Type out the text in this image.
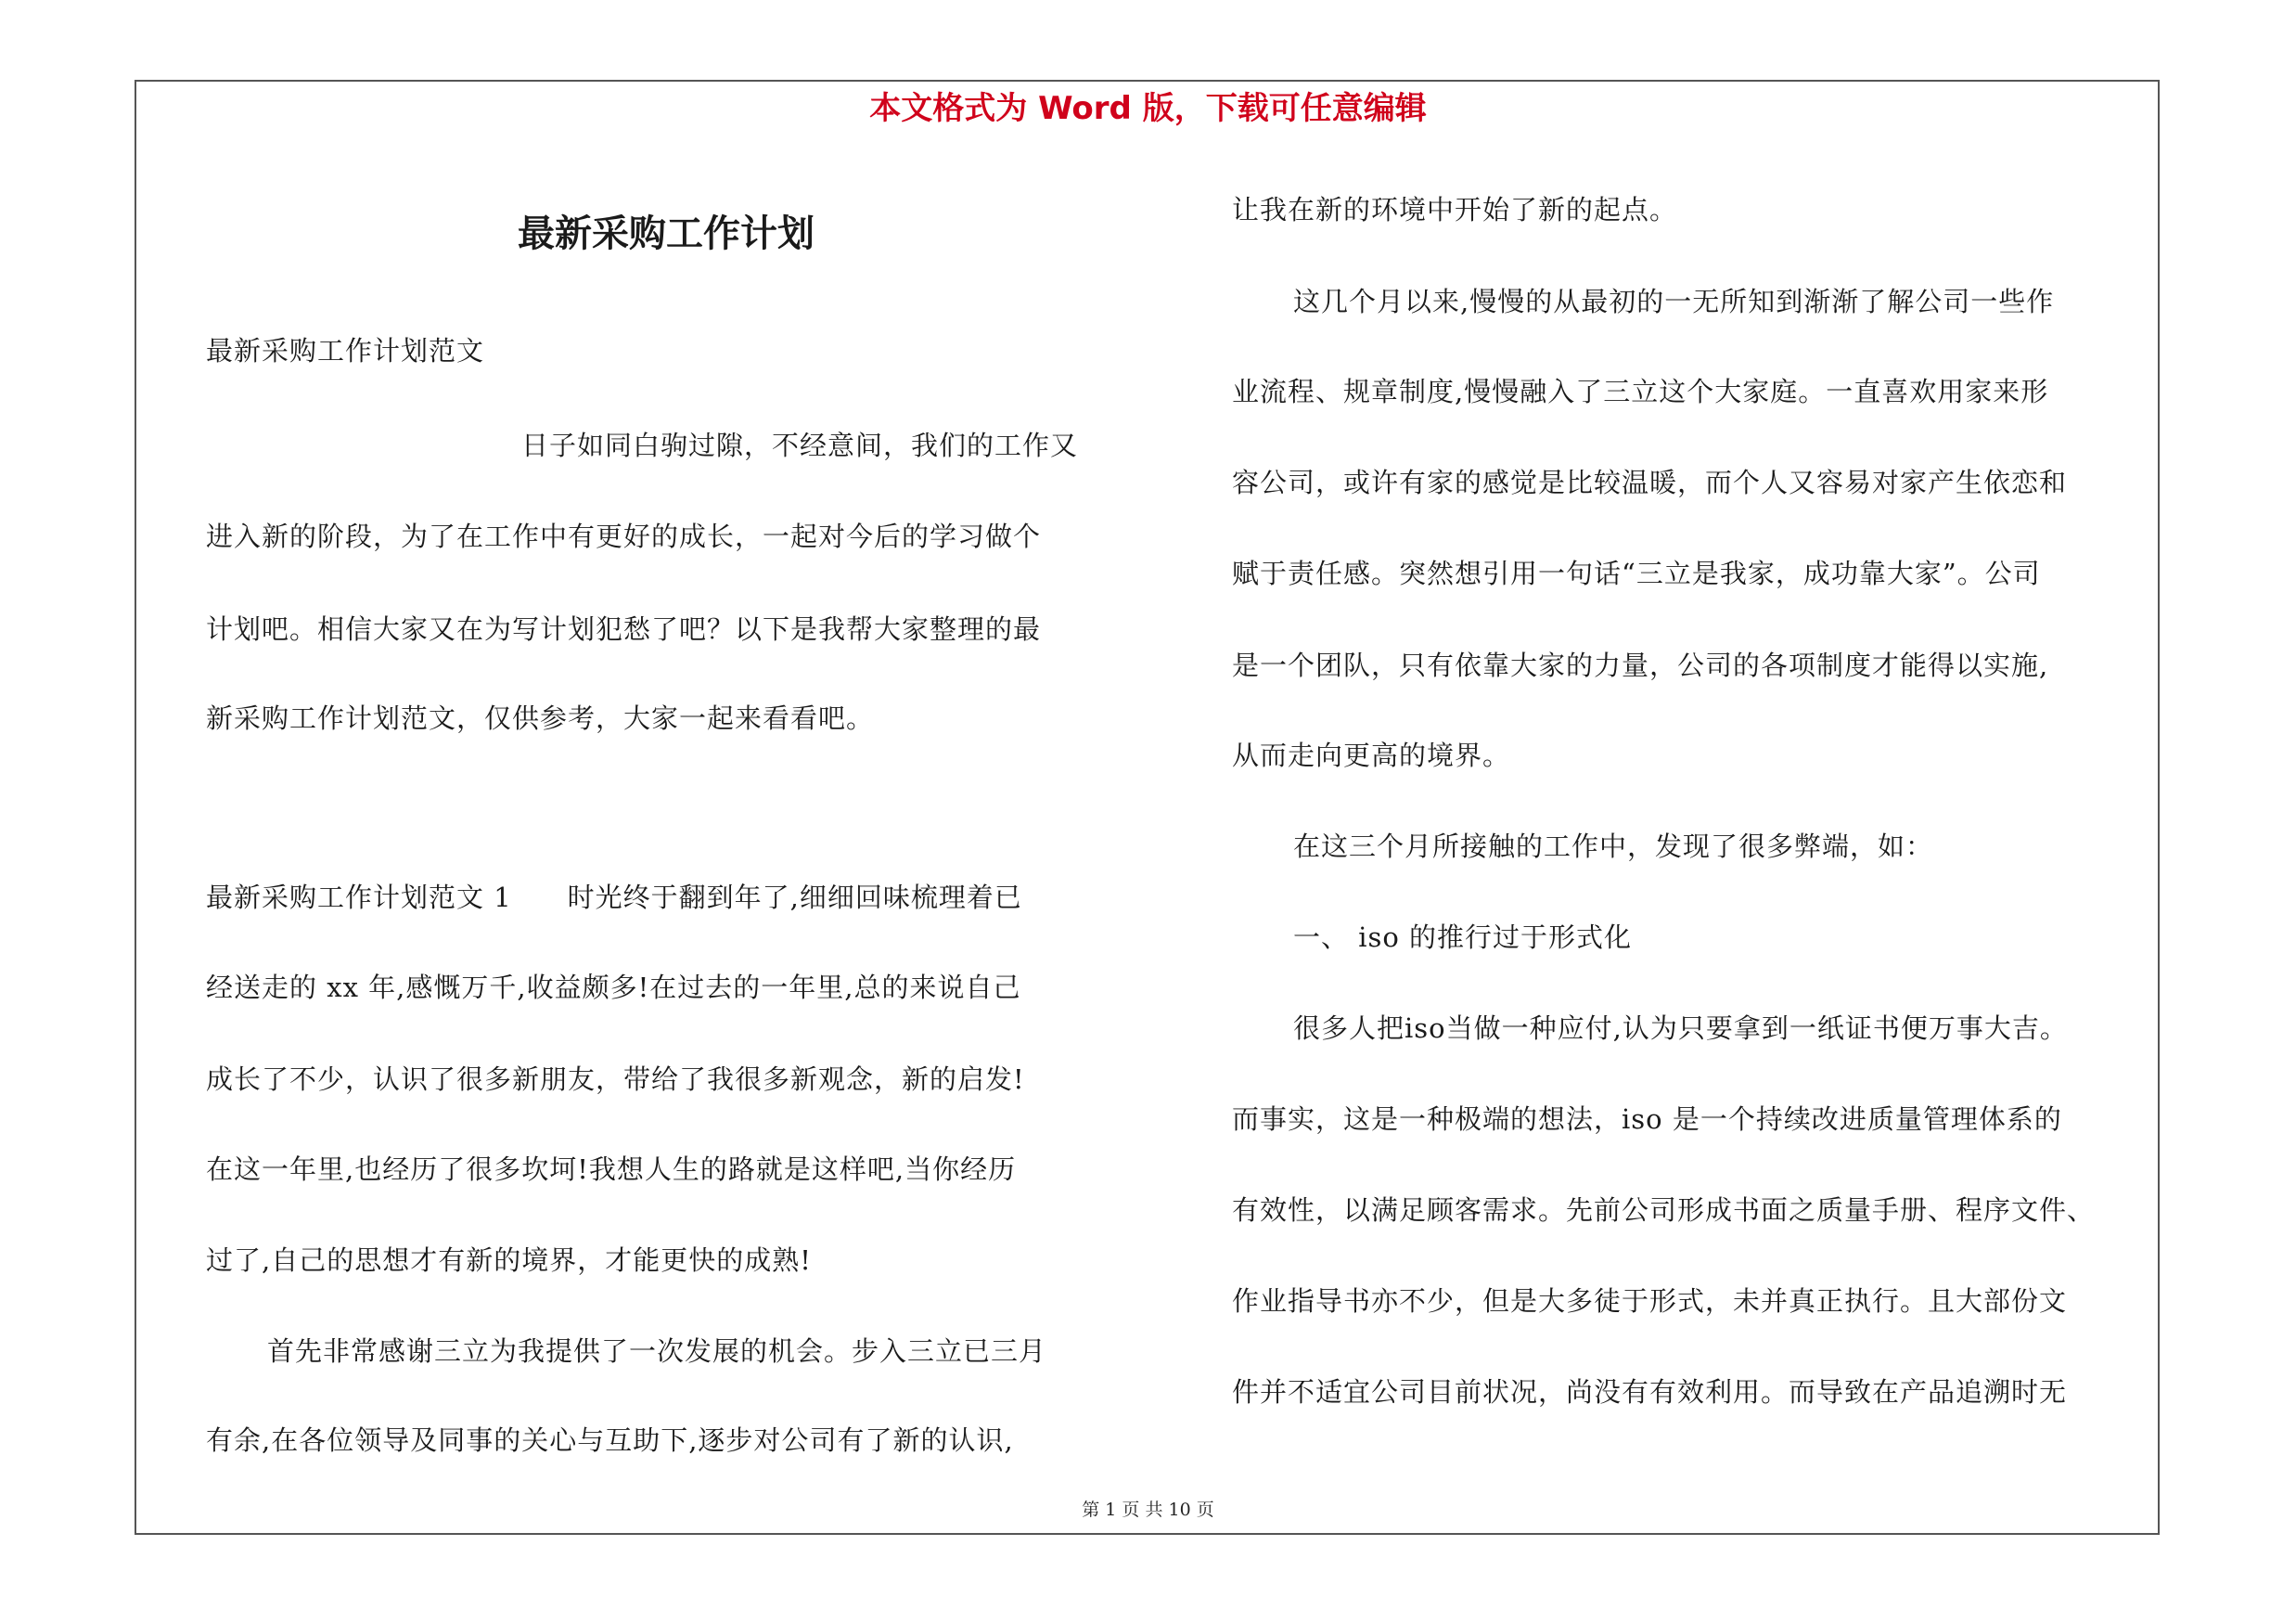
本文格式为 Word 版，下载可任意编辑
最新采购工作计划
最新采购工作计划范文
日子如同白驹过隙，不经意间，我们的工作又
进入新的阶段，为了在工作中有更好的成长，一起对今后的学习做个
计划吧。相信大家又在为写计划犯愁了吧？以下是我帮大家整理的最
新采购工作计划范文，仅供参考，大家一起来看看吧。
最新采购工作计划范文 1　　时光终于翻到年了,细细回味梳理着已
经送走的 xx 年,感慨万千,收益颇多!在过去的一年里,总的来说自己
成长了不少，认识了很多新朋友，带给了我很多新观念，新的启发!
在这一年里,也经历了很多坎坷!我想人生的路就是这样吧,当你经历
过了,自己的思想才有新的境界，才能更快的成熟!
首先非常感谢三立为我提供了一次发展的机会。步入三立已三月
有余,在各位领导及同事的关心与互助下,逐步对公司有了新的认识,
让我在新的环境中开始了新的起点。
这几个月以来,慢慢的从最初的一无所知到渐渐了解公司一些作
业流程、规章制度,慢慢融入了三立这个大家庭。一直喜欢用家来形
容公司，或许有家的感觉是比较温暖，而个人又容易对家产生依恋和
赋于责任感。突然想引用一句话“三立是我家，成功靠大家”。公司
是一个团队，只有依靠大家的力量，公司的各项制度才能得以实施,
从而走向更高的境界。
在这三个月所接触的工作中，发现了很多弊端，如：
一、 iso 的推行过于形式化
很多人把iso当做一种应付,认为只要拿到一纸证书便万事大吉。
而事实，这是一种极端的想法，iso 是一个持续改进质量管理体系的
有效性，以满足顾客需求。先前公司形成书面之质量手册、程序文件、
作业指导书亦不少，但是大多徒于形式，未并真正执行。且大部份文
件并不适宜公司目前状况，尚没有有效利用。而导致在产品追溯时无
第 1 页 共 10 页
